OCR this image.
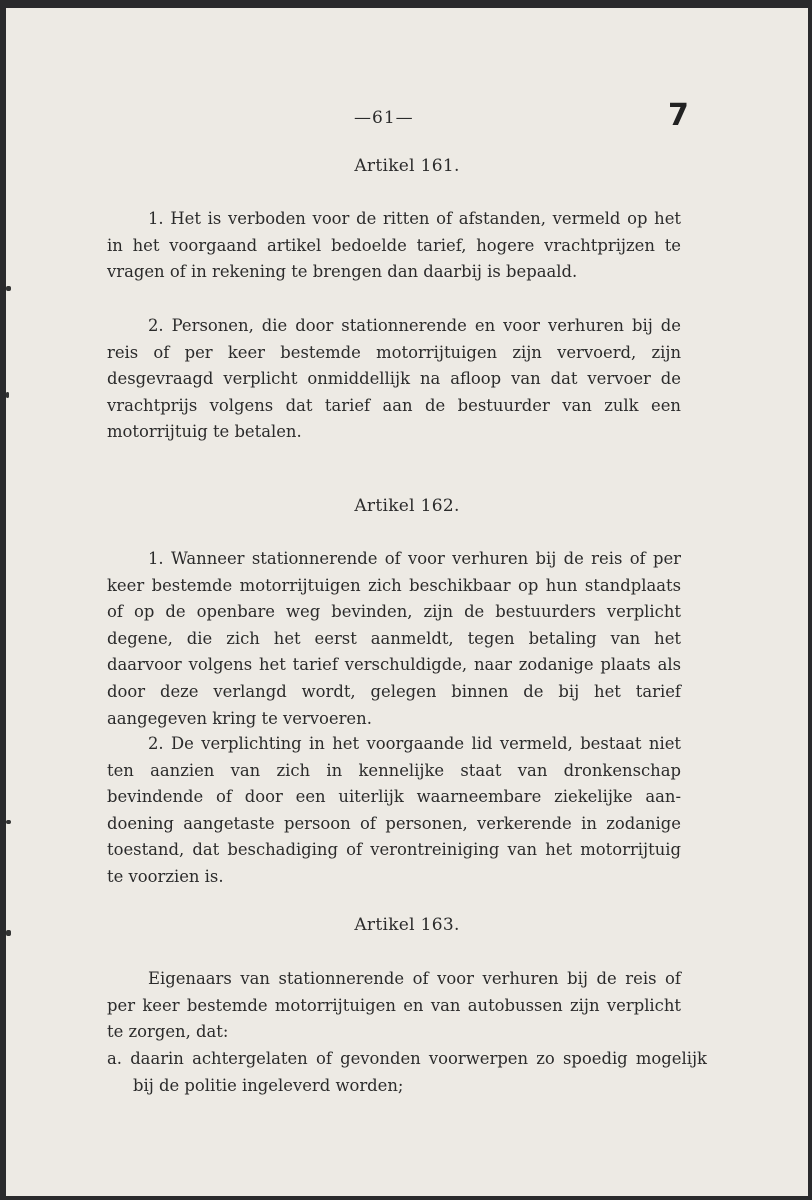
—61—	7
Artikel 161.

1. Het is verboden voor de ritten of afstanden, vermeld op het in het voorgaand artikel bedoelde tarief, hogere vrachtprijzen te vragen of in rekening te brengen dan daarbij is bepaald.

2. Personen, die door stationnerende en voor verhuren bij de reis of per keer bestemde motorrijtuigen zijn vervoerd, zijn desgevraagd verplicht onmiddellijk na afloop van dat vervoer de vrachtprijs volgens dat tarief aan de bestuurder van zulk een motorrijtuig te betalen.

Artikel 162.

1. Wanneer stationnerende of voor verhuren bij de reis of per keer bestemde motorrijtuigen zich beschikbaar op hun standplaats of op de openbare weg bevinden, zijn de bestuurders verplicht degene, die zich het eerst aanmeldt, tegen betaling van het daarvoor volgens het tarief verschuldigde, naar zodanige plaats als door deze verlangd wordt, gelegen binnen de bij het tarief aangegeven kring te vervoeren.

2. De verplichting in het voorgaande lid vermeld, bestaat niet ten aanzien van zich in kennelijke staat van dronkenschap bevindende of door een uiterlijk waarneembare ziekelijke aandoening aangetaste persoon of personen, verkerende in zodanige toestand, dat beschadiging of verontreiniging van het motorrijtuig te voorzien is.

Artikel 163.

Eigenaars van stationnerende of voor verhuren bij de reis of per keer bestemde motorrijtuigen en van autobussen zijn verplicht te zorgen, dat:

a. daarin achtergelaten of gevonden voorwerpen zo spoedig mogelijk bij de politie ingeleverd worden;
